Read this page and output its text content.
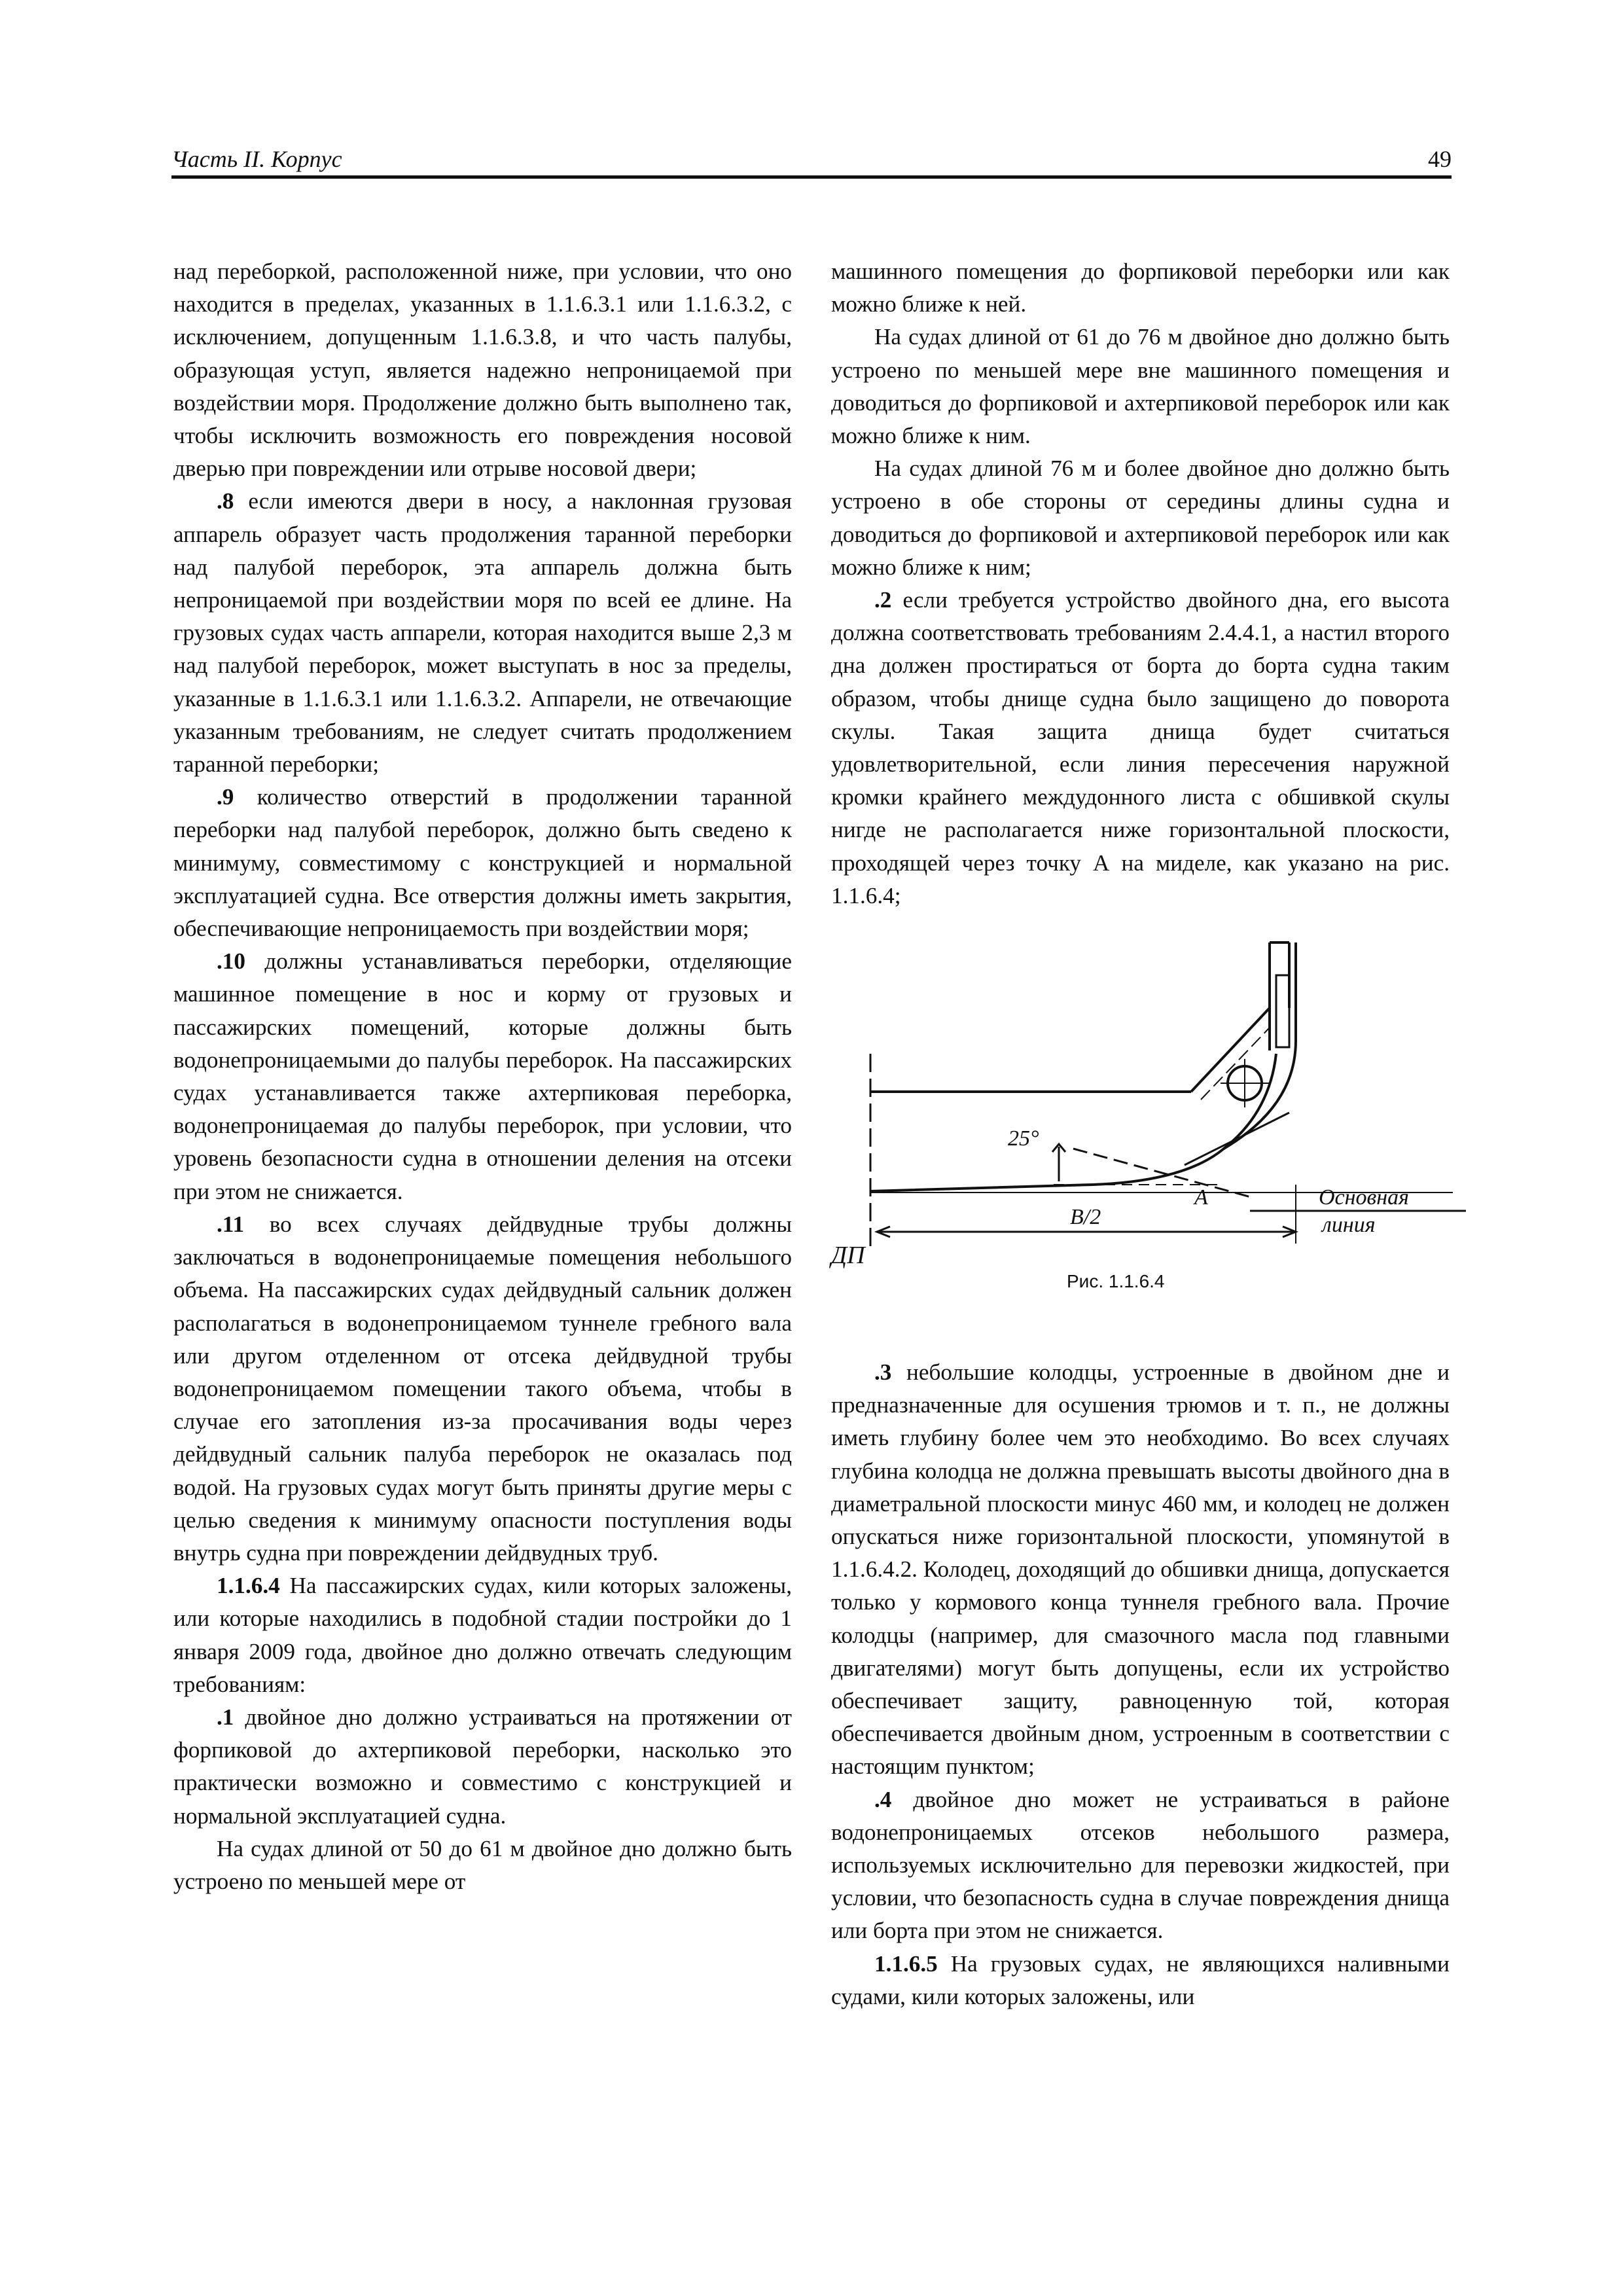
Часть II. Корпус	49

над переборкой, расположенной ниже, при условии, что оно находится в пределах, указанных в 1.1.6.3.1 или 1.1.6.3.2, с исключением, допущенным 1.1.6.3.8, и что часть палубы, образующая уступ, является надежно непроницаемой при воздействии моря. Продолжение должно быть выполнено так, чтобы исключить возможность его повреждения носовой дверью при повреждении или отрыве носовой двери;

.8 если имеются двери в носу, а наклонная грузовая аппарель образует часть продолжения таранной переборки над палубой переборок, эта аппарель должна быть непроницаемой при воздействии моря по всей ее длине. На грузовых судах часть аппарели, которая находится выше 2,3 м над палубой переборок, может выступать в нос за пределы, указанные в 1.1.6.3.1 или 1.1.6.3.2. Аппарели, не отвечающие указанным требованиям, не следует считать продолжением таранной переборки;

.9 количество отверстий в продолжении таранной переборки над палубой переборок, должно быть сведено к минимуму, совместимому с конструкцией и нормальной эксплуатацией судна. Все отверстия должны иметь закрытия, обеспечивающие непроницаемость при воздействии моря;

.10 должны устанавливаться переборки, отделяющие машинное помещение в нос и корму от грузовых и пассажирских помещений, которые должны быть водонепроницаемыми до палубы переборок. На пассажирских судах устанавливается также ахтерпиковая переборка, водонепроницаемая до палубы переборок, при условии, что уровень безопасности судна в отношении деления на отсеки при этом не снижается.

.11 во всех случаях дейдвудные трубы должны заключаться в водонепроницаемые помещения небольшого объема. На пассажирских судах дейдвудный сальник должен располагаться в водонепроницаемом туннеле гребного вала или другом отделенном от отсека дейдвудной трубы водонепроницаемом помещении такого объема, чтобы в случае его затопления из-за просачивания воды через дейдвудный сальник палуба переборок не оказалась под водой. На грузовых судах могут быть приняты другие меры с целью сведения к минимуму опасности поступления воды внутрь судна при повреждении дейдвудных труб.

1.1.6.4 На пассажирских судах, кили которых заложены, или которые находились в подобной стадии постройки до 1 января 2009 года, двойное дно должно отвечать следующим требованиям:

.1 двойное дно должно устраиваться на протяжении от форпиковой до ахтерпиковой переборки, насколько это практически возможно и совместимо с конструкцией и нормальной эксплуатацией судна.

На судах длиной от 50 до 61 м двойное дно должно быть устроено по меньшей мере от

машинного помещения до форпиковой переборки или как можно ближе к ней.

На судах длиной от 61 до 76 м двойное дно должно быть устроено по меньшей мере вне машинного помещения и доводиться до форпиковой и ахтерпиковой переборок или как можно ближе к ним.

На судах длиной 76 м и более двойное дно должно быть устроено в обе стороны от середины длины судна и доводиться до форпиковой и ахтерпиковой переборок или как можно ближе к ним;

.2 если требуется устройство двойного дна, его высота должна соответствовать требованиям 2.4.4.1, а настил второго дна должен простираться от борта до борта судна таким образом, чтобы днище судна было защищено до поворота скулы. Такая защита днища будет считаться удовлетворительной, если линия пересечения наружной кромки крайнего междудонного листа с обшивкой скулы нигде не располагается ниже горизонтальной плоскости, проходящей через точку А на миделе, как указано на рис. 1.1.6.4;

25°
A	Основная
линия
B/2
ДП
Рис. 1.1.6.4

.3 небольшие колодцы, устроенные в двойном дне и предназначенные для осушения трюмов и т. п., не должны иметь глубину более чем это необходимо. Во всех случаях глубина колодца не должна превышать высоты двойного дна в диаметральной плоскости минус 460 мм, и колодец не должен опускаться ниже горизонтальной плоскости, упомянутой в 1.1.6.4.2. Колодец, доходящий до обшивки днища, допускается только у кормового конца туннеля гребного вала. Прочие колодцы (например, для смазочного масла под главными двигателями) могут быть допущены, если их устройство обеспечивает защиту, равноценную той, которая обеспечивается двойным дном, устроенным в соответствии с настоящим пунктом;

.4 двойное дно может не устраиваться в районе водонепроницаемых отсеков небольшого размера, используемых исключительно для перевозки жидкостей, при условии, что безопасность судна в случае повреждения днища или борта при этом не снижается.

1.1.6.5 На грузовых судах, не являющихся наливными судами, кили которых заложены, или
